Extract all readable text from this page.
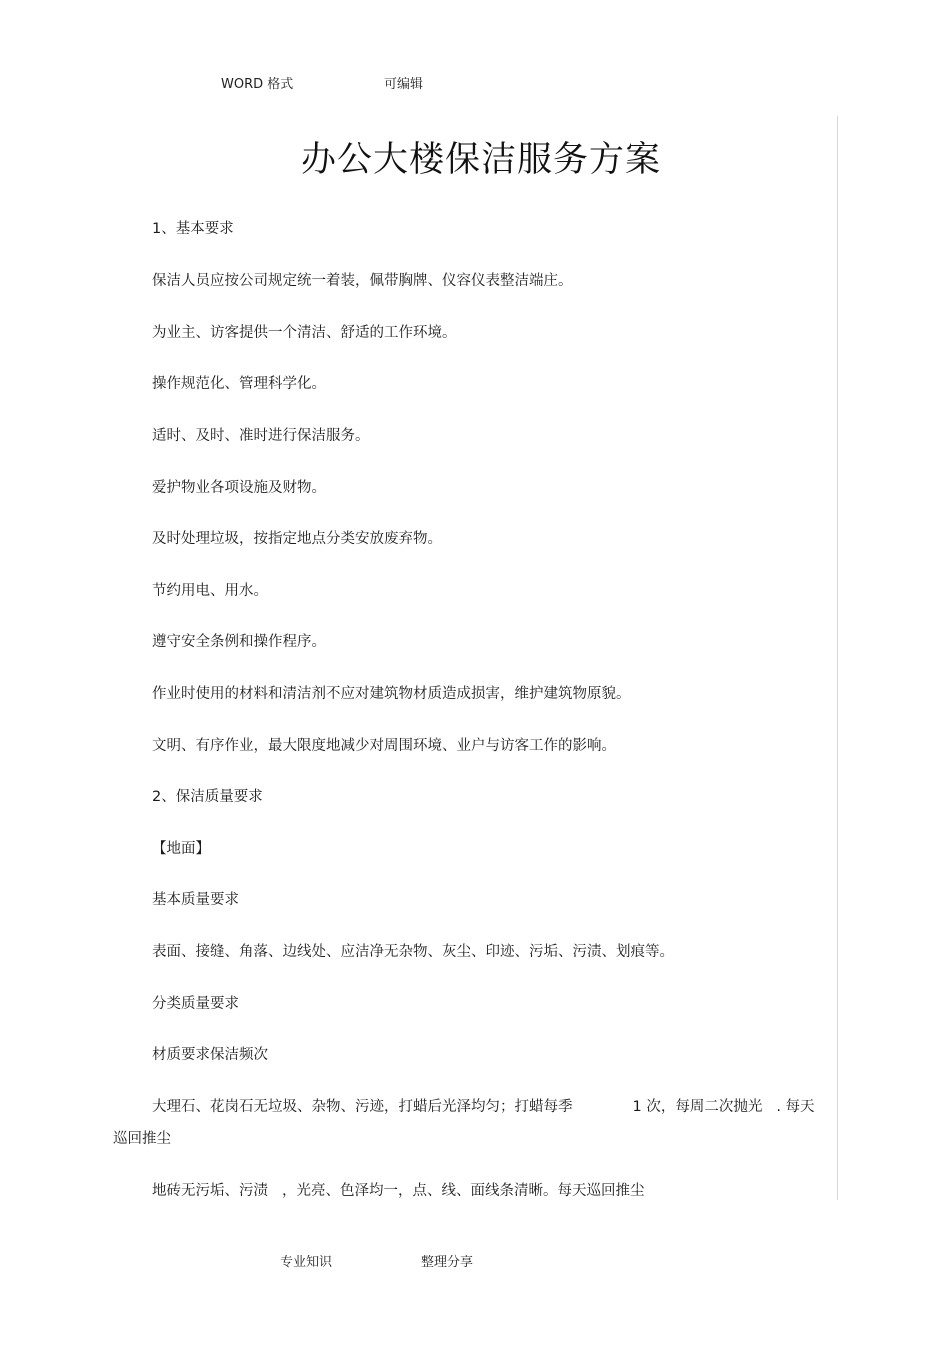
WORD 格式	可编辑
办公大楼保洁服务方案
1、基本要求
保洁人员应按公司规定统一着装，佩带胸牌、仪容仪表整洁端庄。
为业主、访客提供一个清洁、舒适的工作环境。
操作规范化、管理科学化。
适时、及时、准时进行保洁服务。
爱护物业各项设施及财物。
及时处理垃圾，按指定地点分类安放废弃物。
节约用电、用水。
遵守安全条例和操作程序。
作业时使用的材料和清洁剂不应对建筑物材质造成损害，维护建筑物原貌。
文明、有序作业，最大限度地减少对周围环境、业户与访客工作的影响。
2、保洁质量要求
【地面】
基本质量要求
表面、接缝、角落、边线处、应洁净无杂物、灰尘、印迹、污垢、污渍、划痕等。
分类质量要求
材质要求保洁频次
大理石、花岗石无垃圾、杂物、污迹，打蜡后光泽均匀；打蜡每季	1 次，每周二次抛光 . 每天
巡回推尘
地砖无污垢、污渍 ，光亮、色泽均一，点、线、面线条清晰。每天巡回推尘
专业知识	整理分享
